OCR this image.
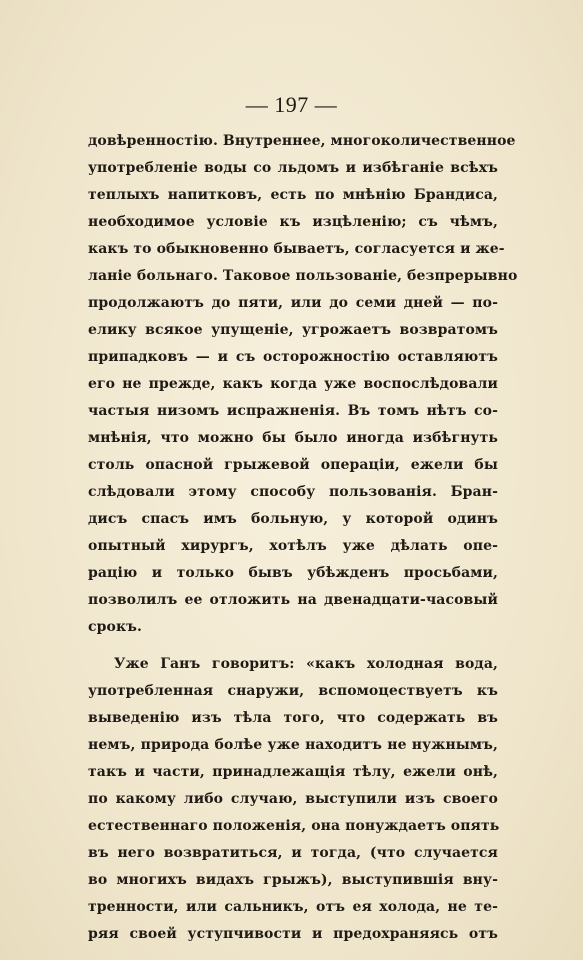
— 197 —
довѣренностію. Внутреннее, многоколичественное
употребленіе воды со льдомъ и избѣганіе всѣхъ
теплыхъ напитковъ, есть по мнѣнію Брандиса,
необходимое условіе къ изцѣленію; съ чѣмъ,
какъ то обыкновенно бываетъ, согласуется и же-
ланіе больнаго. Таковое пользованіе, безпрерывно
продолжаютъ до пяти, или до семи дней — по-
елику всякое упущеніе, угрожаетъ возвратомъ
припадковъ — и съ осторожностію оставляютъ
его не прежде, какъ когда уже воспослѣдовали
частыя низомъ испражненія. Въ томъ нѣтъ со-
мнѣнія, что можно бы было иногда избѣгнуть
столь опасной грыжевой операціи, ежели бы
слѣдовали этому способу пользованія. Бран-
дисъ спасъ имъ больную, у которой одинъ
опытный хирургъ, хотѣлъ уже дѣлать опе-
рацію и только бывъ убѣжденъ просьбами,
позволилъ ее отложить на двенадцати-часовый
срокъ.
Уже Ганъ говоритъ: «какъ холодная вода,
употребленная снаружи, вспомоцествуетъ къ
выведенію изъ тѣла того, что содержать въ
немъ, природа болѣе уже находитъ не нужнымъ,
такъ и части, принадлежащія тѣлу, ежели онѣ,
по какому либо случаю, выступили изъ своего
естественнаго положенія, она понуждаетъ опять
въ него возвратиться, и тогда, (что случается
во многихъ видахъ грыжъ), выступившія вну-
тренности, или сальникъ, отъ ея холода, не те-
ряя своей уступчивости и предохраняясь отъ
